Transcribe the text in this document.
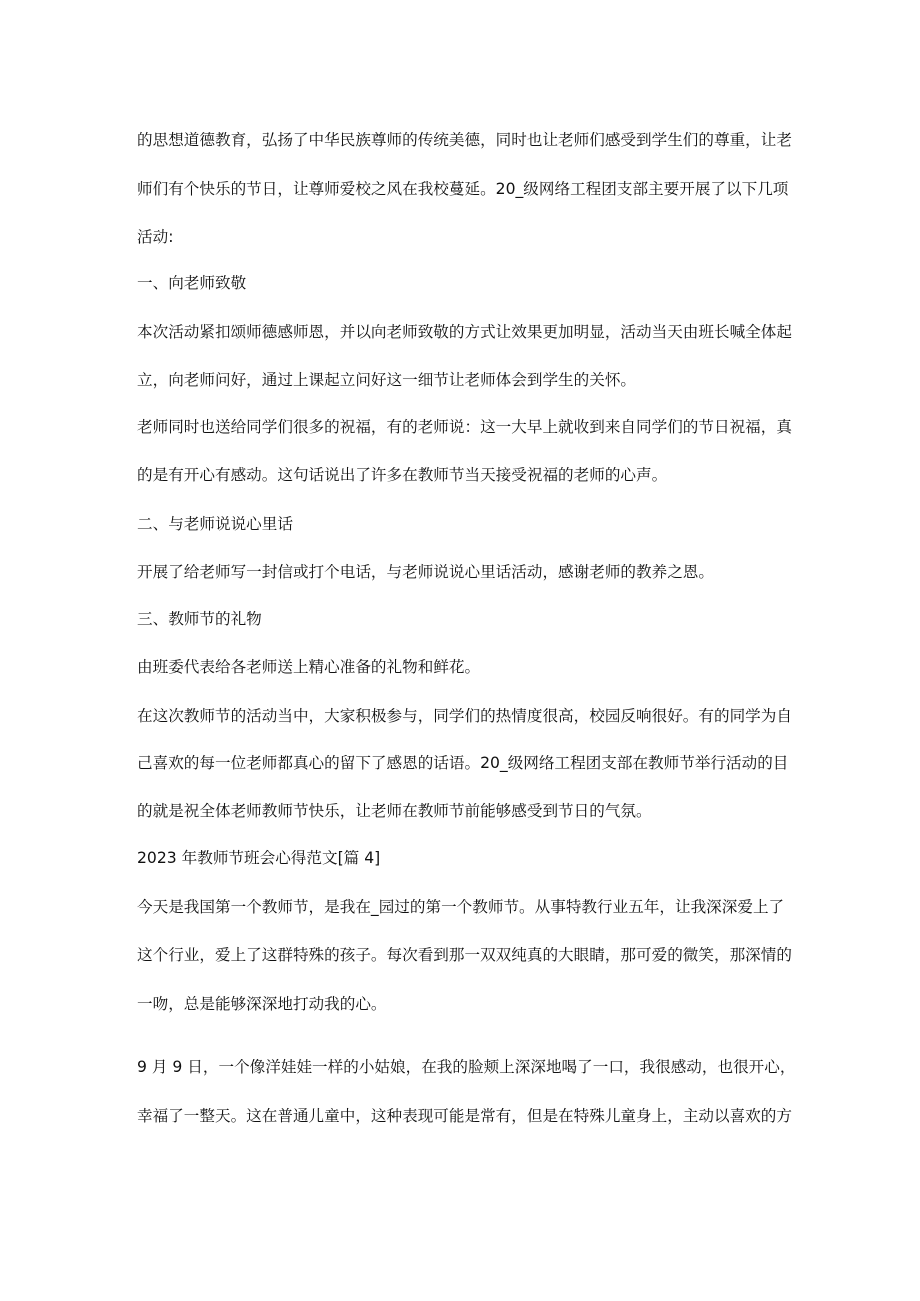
的思想道德教育，弘扬了中华民族尊师的传统美德，同时也让老师们感受到学生们的尊重，让老

师们有个快乐的节日，让尊师爱校之风在我校蔓延。20_级网络工程团支部主要开展了以下几项

活动:

一、向老师致敬

本次活动紧扣颂师德感师恩，并以向老师致敬的方式让效果更加明显，活动当天由班长喊全体起

立，向老师问好，通过上课起立问好这一细节让老师体会到学生的关怀。

老师同时也送给同学们很多的祝福，有的老师说：这一大早上就收到来自同学们的节日祝福，真

的是有开心有感动。这句话说出了许多在教师节当天接受祝福的老师的心声。

二、与老师说说心里话

开展了给老师写一封信或打个电话，与老师说说心里话活动，感谢老师的教养之恩。

三、教师节的礼物

由班委代表给各老师送上精心准备的礼物和鲜花。

在这次教师节的活动当中，大家积极参与，同学们的热情度很高，校园反响很好。有的同学为自

己喜欢的每一位老师都真心的留下了感恩的话语。20_级网络工程团支部在教师节举行活动的目

的就是祝全体老师教师节快乐，让老师在教师节前能够感受到节日的气氛。

2023 年教师节班会心得范文[篇 4]

今天是我国第一个教师节，是我在_园过的第一个教师节。从事特教行业五年，让我深深爱上了

这个行业，爱上了这群特殊的孩子。每次看到那一双双纯真的大眼睛，那可爱的微笑，那深情的

一吻，总是能够深深地打动我的心。

9 月 9 日，一个像洋娃娃一样的小姑娘，在我的脸颊上深深地喝了一口，我很感动，也很开心，

幸福了一整天。这在普通儿童中，这种表现可能是常有，但是在特殊儿童身上，主动以喜欢的方
